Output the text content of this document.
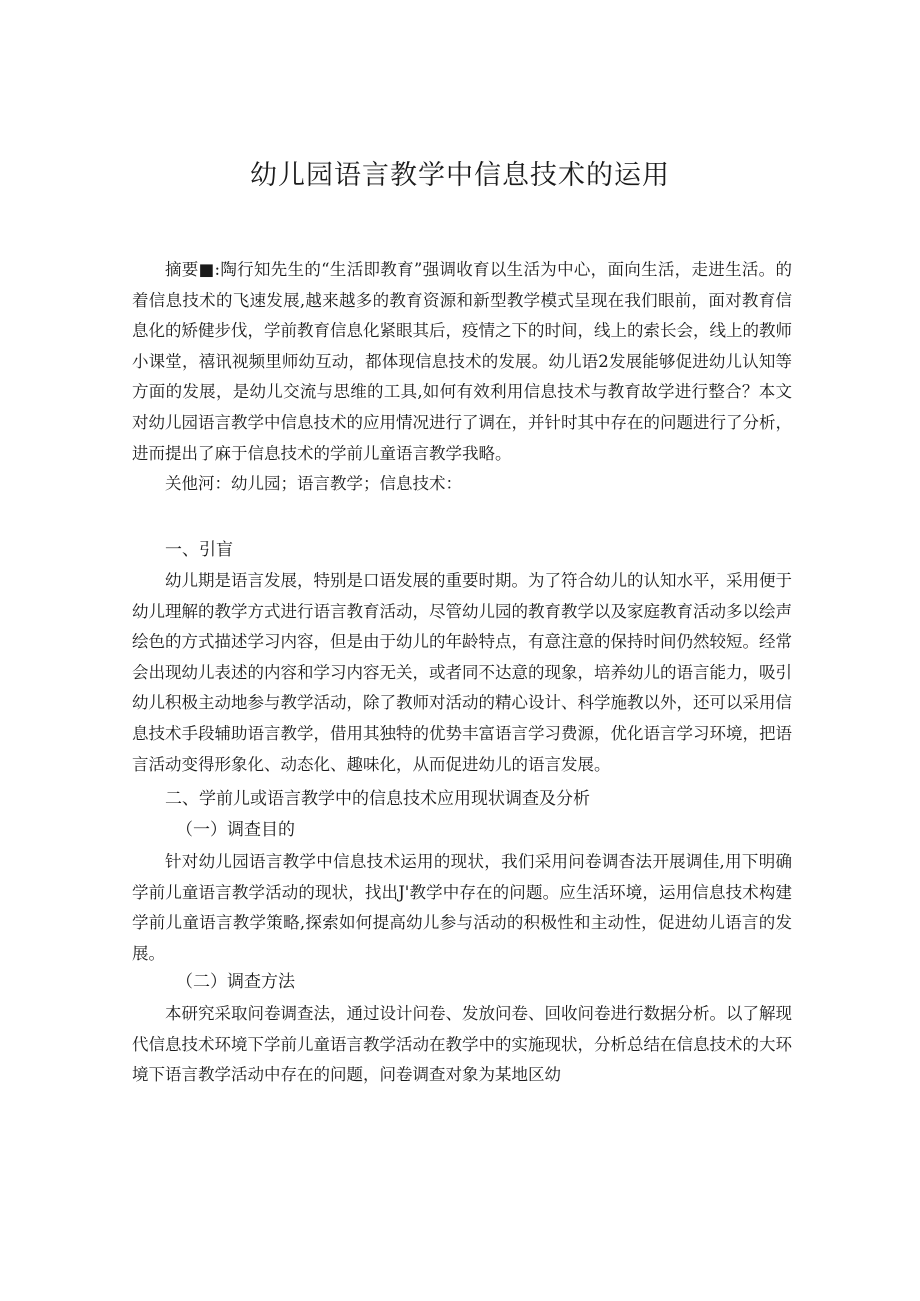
幼儿园语言教学中信息技术的运用

摘要■:陶行知先生的“生活即教育”强调收育以生活为中心，面向生活，走进生活。的着信息技术的飞速发展,越来越多的教育资源和新型教学模式呈现在我们眼前，面对教育信息化的矫健步伐，学前教育信息化紧眼其后，疫情之下的时间，线上的索长会，线上的教师小课堂，禧讯视频里师幼互动，都体现信息技术的发展。幼儿语2发展能够促进幼儿认知等方面的发展，是幼儿交流与思维的工具,如何有效利用信息技术与教育故学进行整合？本文对幼儿园语言教学中信息技术的应用情况进行了调在，并针时其中存在的问题进行了分析，进而提出了麻于信息技术的学前儿童语言教学我略。

关他河：幼儿园；语言教学；信息技术：

一、引盲

幼儿期是语言发展，特别是口语发展的重要时期。为了符合幼儿的认知水平，采用便于幼儿理解的教学方式进行语言教育活动，尽管幼儿园的教育教学以及家庭教育活动多以绘声绘色的方式描述学习内容，但是由于幼儿的年龄特点，有意注意的保持时间仍然较短。经常会出现幼儿表述的内容和学习内容无关，或者同不达意的现象，培养幼儿的语言能力，吸引幼儿积极主动地参与教学活动，除了教师对活动的精心设计、科学施教以外，还可以采用信息技术手段辅助语言教学，借用其独特的优势丰富语言学习费源，优化语言学习环境，把语言活动变得形象化、动态化、趣味化，从而促进幼儿的语言发展。

二、学前儿或语言教学中的信息技术应用现状调查及分析
（一）调查目的

针对幼儿园语言教学中信息技术运用的现状，我们采用问卷调杳法开展调佳,用下明确学前儿童语言教学活动的现状，找出J'教学中存在的问题。应生活环境，运用信息技术构建学前儿童语言教学策略,探索如何提高幼儿参与活动的积极性和主动性，促进幼儿语言的发展。

（二）调查方法

本研究采取问卷调查法，通过设计问卷、发放问卷、回收问卷进行数据分析。以了解现代信息技术环境下学前儿童语言教学活动在教学中的实施现状，分析总结在信息技术的大环境下语言教学活动中存在的问题，问卷调查对象为某地区幼
